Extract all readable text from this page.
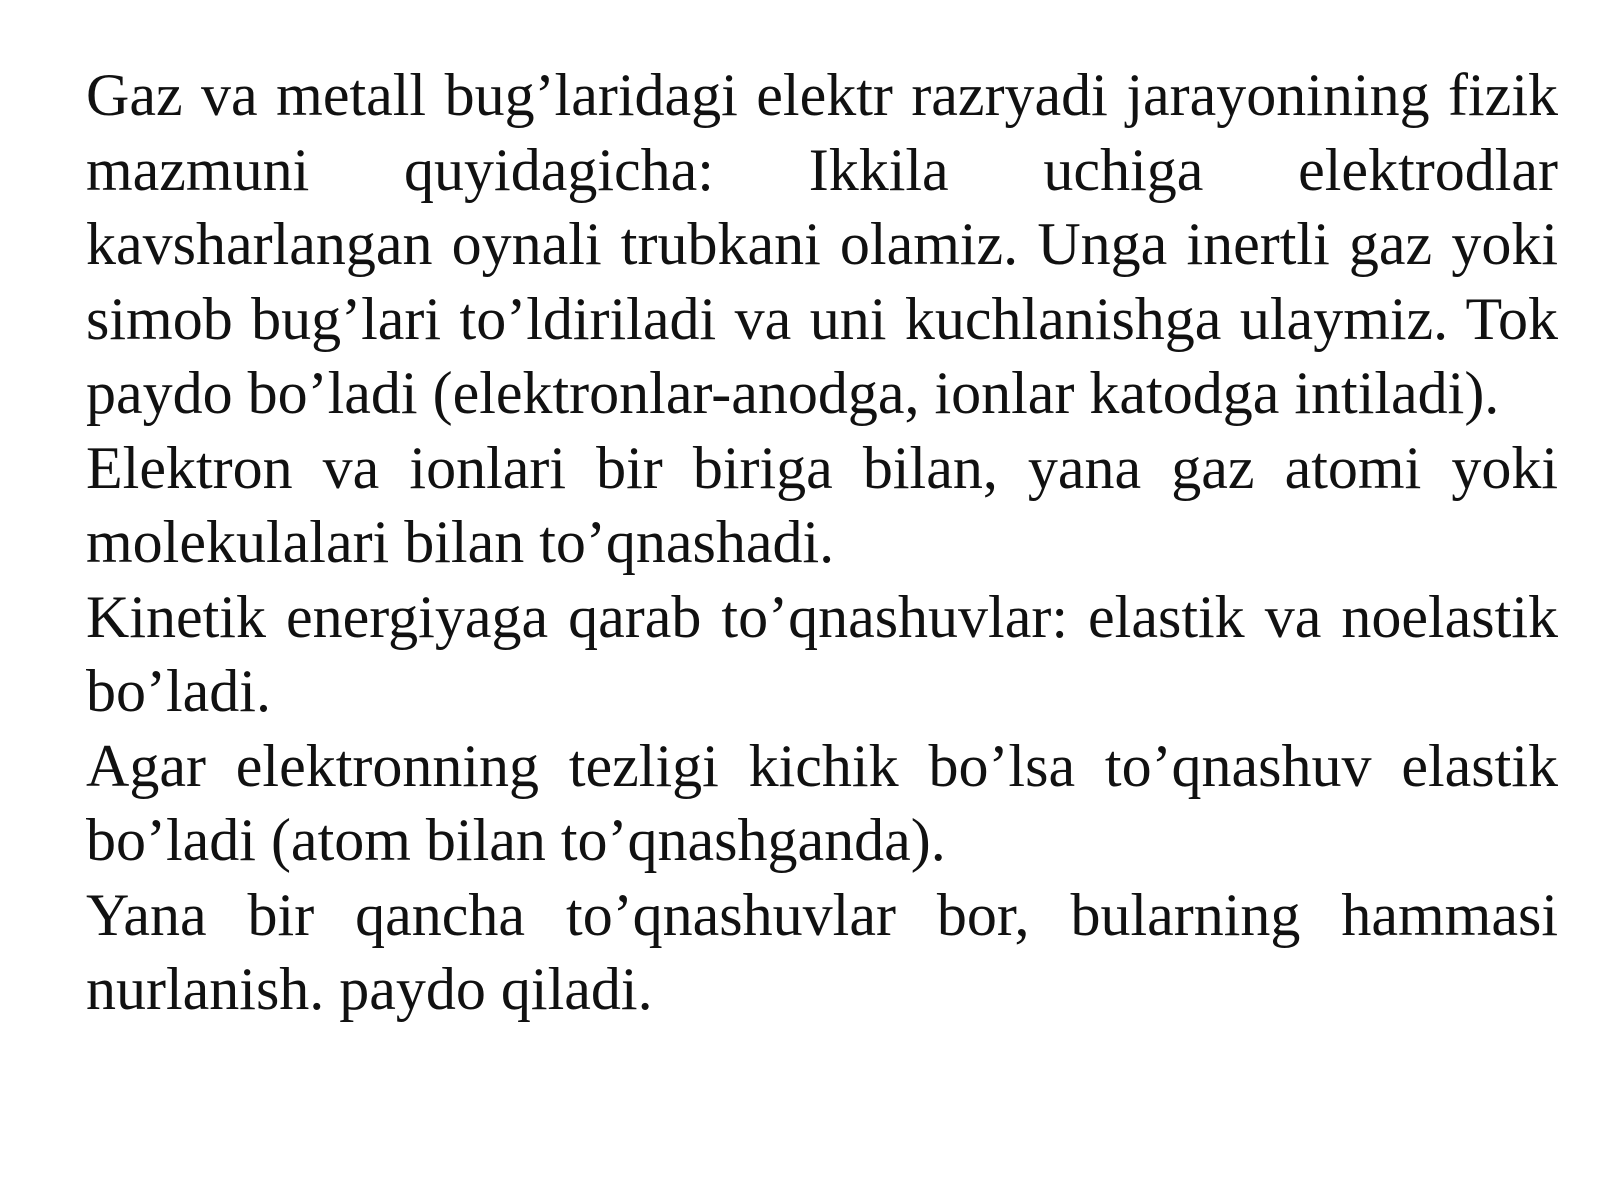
Gaz va metall bug’laridagi elektr razryadi jarayonining fizik mazmuni quyidagicha: Ikkila uchiga elektrodlar kavsharlangan oynali trubkani olamiz. Unga inertli gaz yoki simob bug’lari to’ldiriladi va uni kuchlanishga ulaymiz. Tok paydo bo’ladi (elektronlar-anodga, ionlar katodga intiladi).

Elektron va ionlari bir biriga bilan, yana gaz atomi yoki molekulalari bilan to’qnashadi.

Kinetik energiyaga qarab to’qnashuvlar: elastik va noelastik bo’ladi.

Agar elektronning tezligi kichik bo’lsa to’qnashuv elastik bo’ladi (atom bilan to’qnashganda).

Yana bir qancha to’qnashuvlar bor, bularning hammasi nurlanish. paydo qiladi.
